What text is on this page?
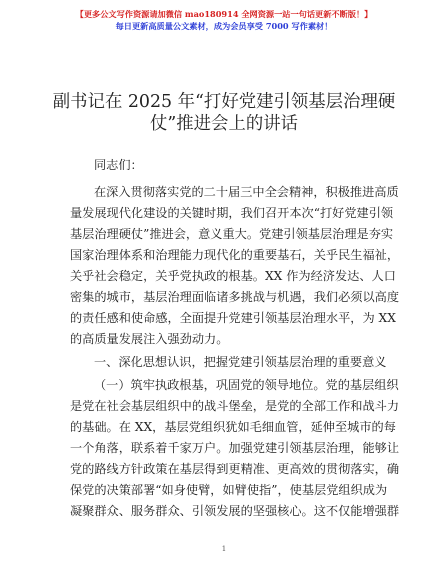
【更多公文写作资源请加微信 mao180914 全网资源一站一句话更新不断版！】
每日更新高质量公文素材，成为会员享受 7000 写作素材！
副书记在 2025 年“打好党建引领基层治理硬
仗”推进会上的讲话
同志们：
在深入贯彻落实党的二十届三中全会精神，积极推进高质
量发展现代化建设的关键时期，我们召开本次“打好党建引领
基层治理硬仗”推进会，意义重大。党建引领基层治理是夯实
国家治理体系和治理能力现代化的重要基石，关乎民生福祉，
关乎社会稳定，关乎党执政的根基。XX 作为经济发达、人口
密集的城市，基层治理面临诸多挑战与机遇，我们必须以高度
的责任感和使命感，全面提升党建引领基层治理水平，为 XX
的高质量发展注入强劲动力。
一、深化思想认识，把握党建引领基层治理的重要意义
（一）筑牢执政根基，巩固党的领导地位。党的基层组织
是党在社会基层组织中的战斗堡垒，是党的全部工作和战斗力
的基础。在 XX，基层党组织犹如毛细血管，延伸至城市的每
一个角落，联系着千家万户。加强党建引领基层治理，能够让
党的路线方针政策在基层得到更精准、更高效的贯彻落实，确
保党的决策部署“如身使臂，如臂使指”，使基层党组织成为
凝聚群众、服务群众、引领发展的坚强核心。这不仅能增强群
1
